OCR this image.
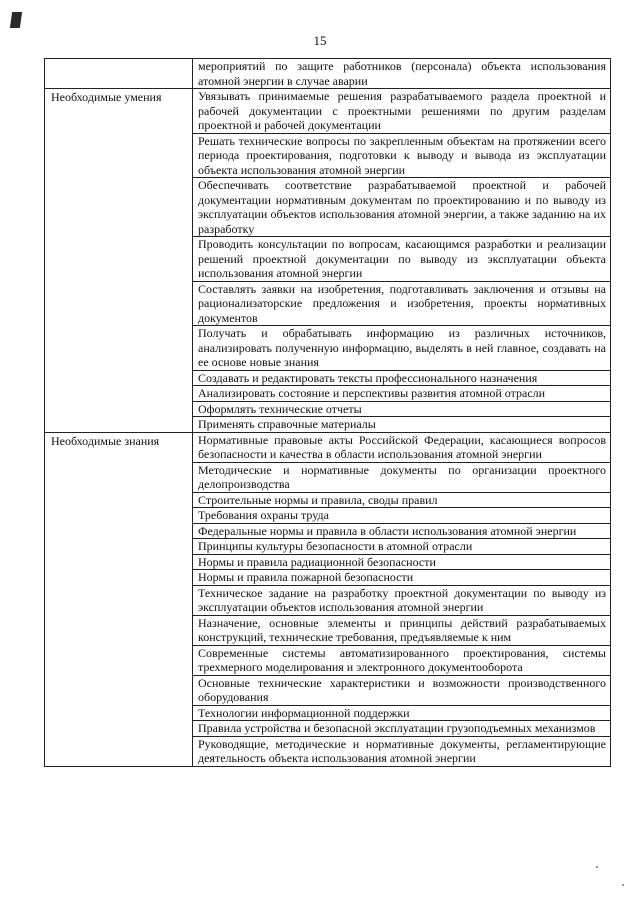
15
	мероприятий по защите работников (персонала) объекта использования атомной энергии в случае аварии
Необходимые умения	Увязывать принимаемые решения разрабатываемого раздела проектной и рабочей документации с проектными решениями по другим разделам проектной и рабочей документации
	Решать технические вопросы по закрепленным объектам на протяжении всего периода проектирования, подготовки к выводу и вывода из эксплуатации объекта использования атомной энергии
	Обеспечивать соответствие разрабатываемой проектной и рабочей документации нормативным документам по проектированию и по выводу из эксплуатации объектов использования атомной энергии, а также заданию на их разработку
	Проводить консультации по вопросам, касающимся разработки и реализации решений проектной документации по выводу из эксплуатации объекта использования атомной энергии
	Составлять заявки на изобретения, подготавливать заключения и отзывы на рационализаторские предложения и изобретения, проекты нормативных документов
	Получать и обрабатывать информацию из различных источников, анализировать полученную информацию, выделять в ней главное, создавать на ее основе новые знания
	Создавать и редактировать тексты профессионального назначения
	Анализировать состояние и перспективы развития атомной отрасли
	Оформлять технические отчеты
	Применять справочные материалы
Необходимые знания	Нормативные правовые акты Российской Федерации, касающиеся вопросов безопасности и качества в области использования атомной энергии
	Методические и нормативные документы по организации проектного делопроизводства
	Строительные нормы и правила, своды правил
	Требования охраны труда
	Федеральные нормы и правила в области использования атомной энергии
	Принципы культуры безопасности в атомной отрасли
	Нормы и правила радиационной безопасности
	Нормы и правила пожарной безопасности
	Техническое задание на разработку проектной документации по выводу из эксплуатации объектов использования атомной энергии
	Назначение, основные элементы и принципы действий разрабатываемых конструкций, технические требования, предъявляемые к ним
	Современные системы автоматизированного проектирования, системы трехмерного моделирования и электронного документооборота
	Основные технические характеристики и возможности производственного оборудования
	Технологии информационной поддержки
	Правила устройства и безопасной эксплуатации грузоподъемных механизмов
	Руководящие, методические и нормативные документы, регламентирующие деятельность объекта использования атомной энергии
